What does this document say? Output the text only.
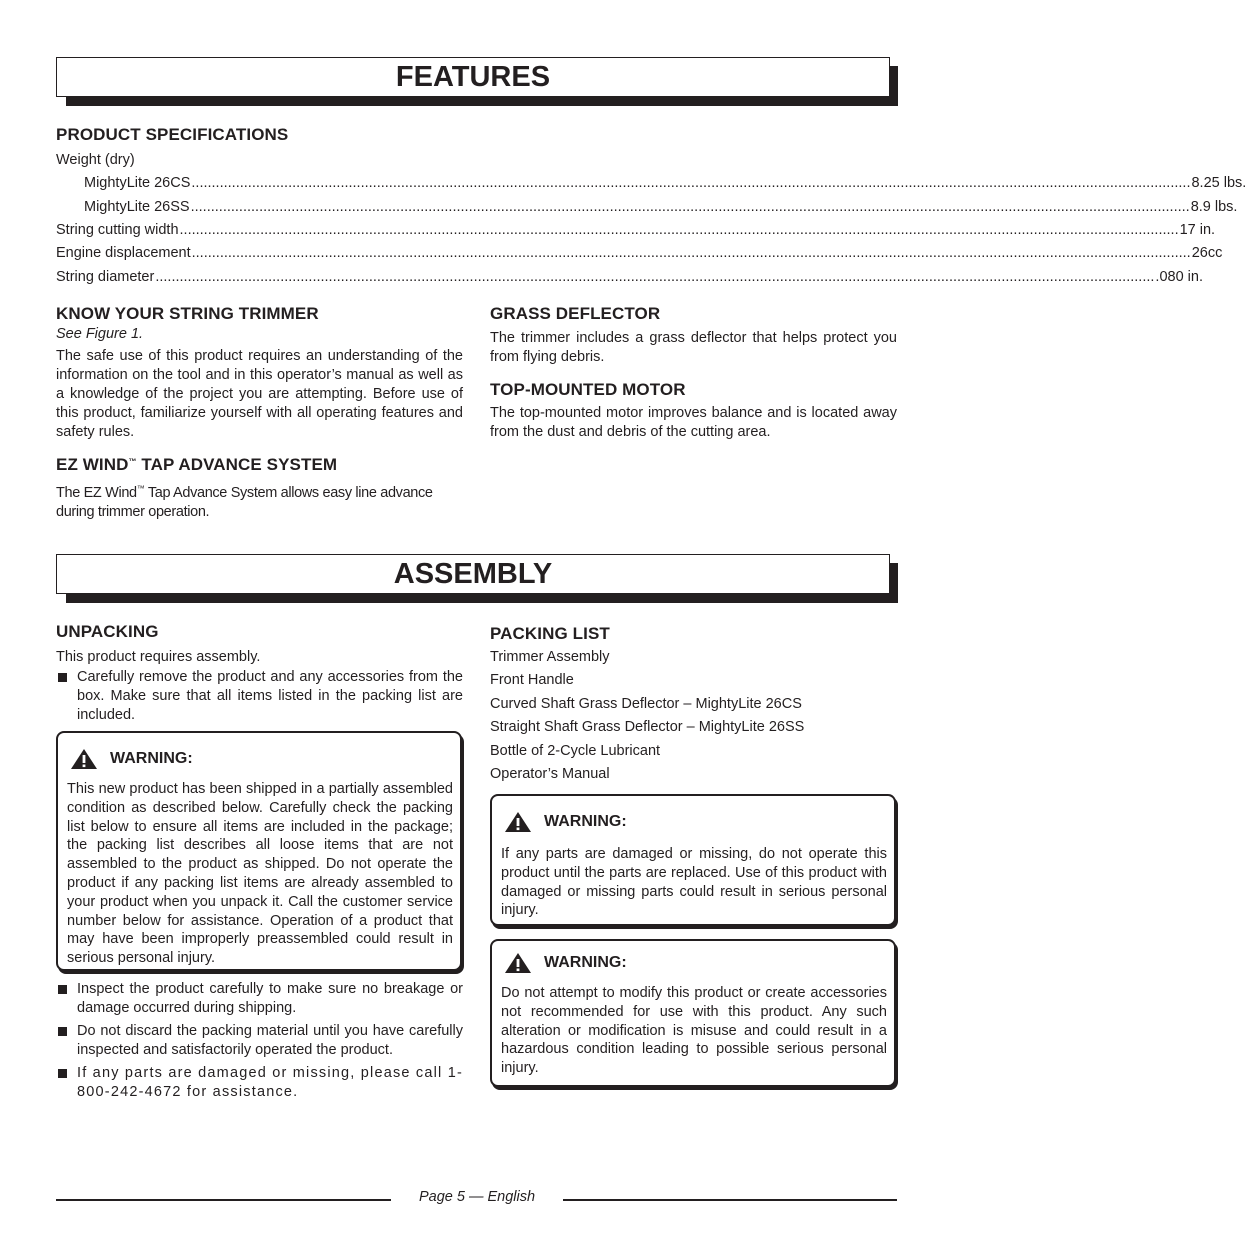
FEATURES
PRODUCT SPECIFICATIONS
Weight (dry)
MightyLite 26CS ........................................................................................................................................................................................................................................................ 8.25 lbs.
MightyLite 26SS ........................................................................................................................................................................................................................................................ 8.9 lbs.
String cutting width ........................................................................................................................................................................................................................................................ 17 in.
Engine displacement ........................................................................................................................................................................................................................................................ 26cc
String diameter ........................................................................................................................................................................................................................................................ .080 in.
KNOW YOUR STRING TRIMMER
See Figure 1.
The safe use of this product requires an understanding of the information on the tool and in this operator’s manual as well as a knowledge of the project you are attempting. Before use of this product, familiarize yourself with all operating features and safety rules.
EZ WIND™ TAP ADVANCE SYSTEM
The EZ Wind™ Tap Advance System allows easy line advance during trimmer operation.
GRASS DEFLECTOR
The trimmer includes a grass deflector that helps protect you from flying debris.
TOP-MOUNTED MOTOR
The top-mounted motor improves balance and is located away from the dust and debris of the cutting area.
ASSEMBLY
UNPACKING
This product requires assembly.
Carefully remove the product and any accessories from the box. Make sure that all items listed in the packing list are included.
WARNING:
This new product has been shipped in a partially assembled condition as described below. Carefully check the packing list below to ensure all items are included in the package; the packing list describes all loose items that are not assembled to the product as shipped. Do not operate the product if any packing list items are already assembled to your product when you unpack it. Call the customer service number below for assistance. Operation of a product that may have been improperly preassembled could result in serious personal injury.
Inspect the product carefully to make sure no breakage or damage occurred during shipping.
Do not discard the packing material until you have carefully inspected and satisfactorily operated the product.
If any parts are damaged or missing, please call 1-800-242-4672 for assistance.
PACKING LIST
Trimmer Assembly
Front Handle
Curved Shaft Grass Deflector – MightyLite 26CS
Straight Shaft Grass Deflector – MightyLite 26SS
Bottle of 2-Cycle Lubricant
Operator’s Manual
WARNING:
If any parts are damaged or missing, do not operate this product until the parts are replaced. Use of this product with damaged or missing parts could result in serious personal injury.
WARNING:
Do not attempt to modify this product or create accessories not recommended for use with this product. Any such alteration or modification is misuse and could result in a hazardous condition leading to possible serious personal injury.
Page 5 — English
